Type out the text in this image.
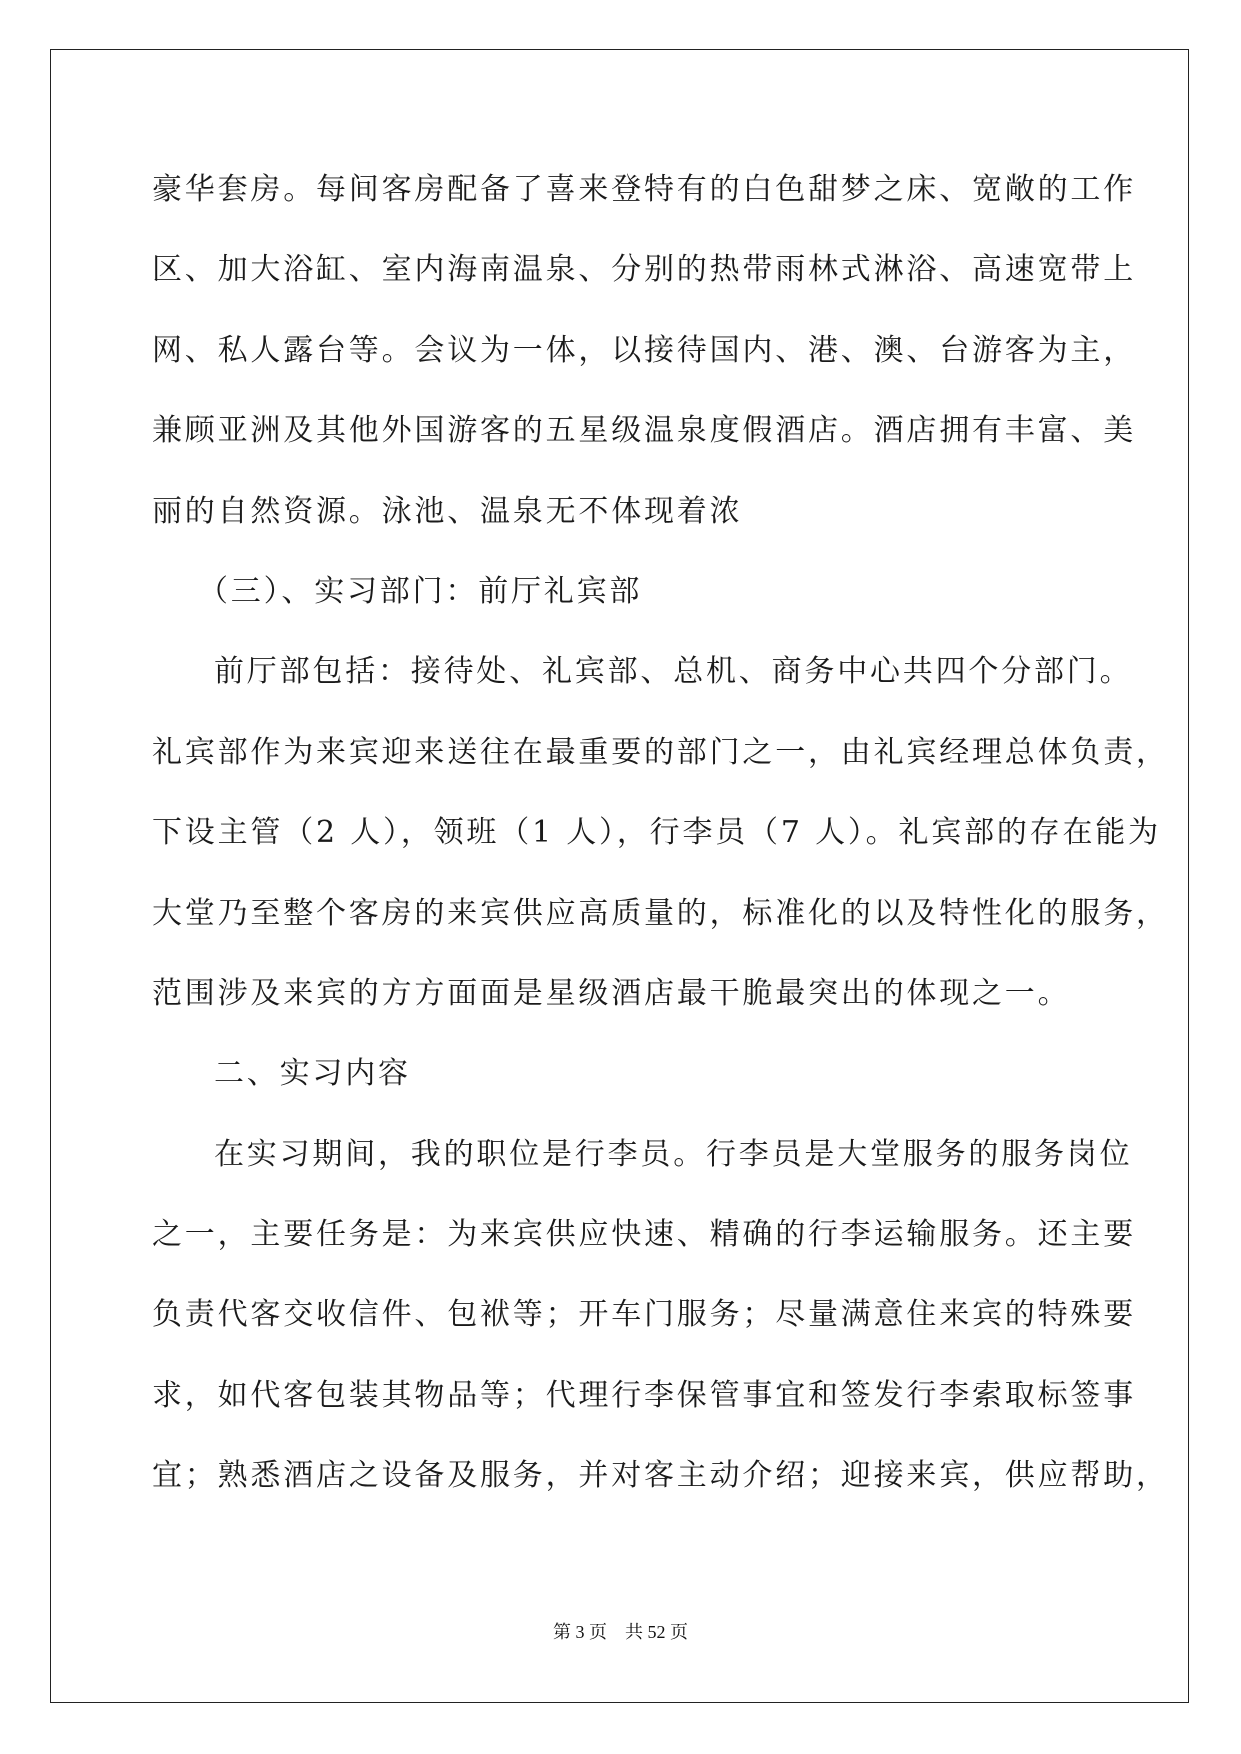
豪华套房。每间客房配备了喜来登特有的白色甜梦之床、宽敞的工作
区、加大浴缸、室内海南温泉、分别的热带雨林式淋浴、高速宽带上
网、私人露台等。会议为一体，以接待国内、港、澳、台游客为主，
兼顾亚洲及其他外国游客的五星级温泉度假酒店。酒店拥有丰富、美
丽的自然资源。泳池、温泉无不体现着浓
（三）、实习部门：前厅礼宾部
前厅部包括：接待处、礼宾部、总机、商务中心共四个分部门。
礼宾部作为来宾迎来送往在最重要的部门之一，由礼宾经理总体负责，
下设主管（2 人），领班（1 人），行李员（7 人）。礼宾部的存在能为
大堂乃至整个客房的来宾供应高质量的，标准化的以及特性化的服务，
范围涉及来宾的方方面面是星级酒店最干脆最突出的体现之一。
二、实习内容
在实习期间，我的职位是行李员。行李员是大堂服务的服务岗位
之一，主要任务是：为来宾供应快速、精确的行李运输服务。还主要
负责代客交收信件、包袱等；开车门服务；尽量满意住来宾的特殊要
求，如代客包装其物品等；代理行李保管事宜和签发行李索取标签事
宜；熟悉酒店之设备及服务，并对客主动介绍；迎接来宾，供应帮助，
第 3 页    共 52 页
